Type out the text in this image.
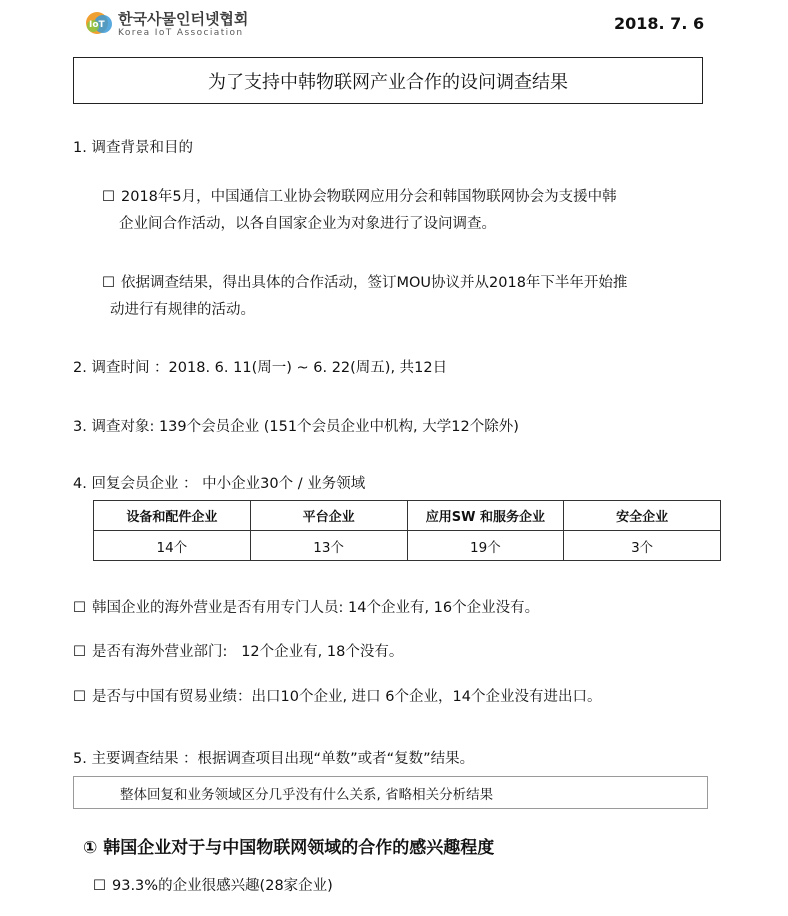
IoT 한국사물인터넷협회
Korea IoT Association	2018. 7. 6
为了支持中韩物联网产业合作的设问调查结果
1. 调查背景和目的
☐ 2018年5月，中国通信工业协会物联网应用分会和韩国物联网协会为支援中韩
企业间合作活动，以各自国家企业为对象进行了设问调查。
☐ 依据调查结果，得出具体的合作活动，签订MOU协议并从2018年下半年开始推
动进行有规律的活动。
2. 调查时间 ：2018. 6. 11(周一) ~ 6. 22(周五), 共12日
3. 调查对象: 139个会员企业 (151个会员企业中机构, 大学12个除外)
4. 回复会员企业 ： 中小企业30个 / 业务领域
设备和配件企业	平台企业	应用SW 和服务企业	安全企业
14个	13个	19个	3个
☐ 韩国企业的海外营业是否有用专门人员: 14个企业有, 16个企业没有。
☐ 是否有海外营业部门:   12个企业有, 18个没有。
☐ 是否与中国有贸易业绩：出口10个企业, 进口 6个企业，14个企业没有进出口。
5. 主要调查结果 ：根据调查项目出现“单数”或者“复数”结果。
整体回复和业务领域区分几乎没有什么关系, 省略相关分析结果
① 韩国企业对于与中国物联网领域的合作的感兴趣程度
☐ 93.3%的企业很感兴趣(28家企业)
